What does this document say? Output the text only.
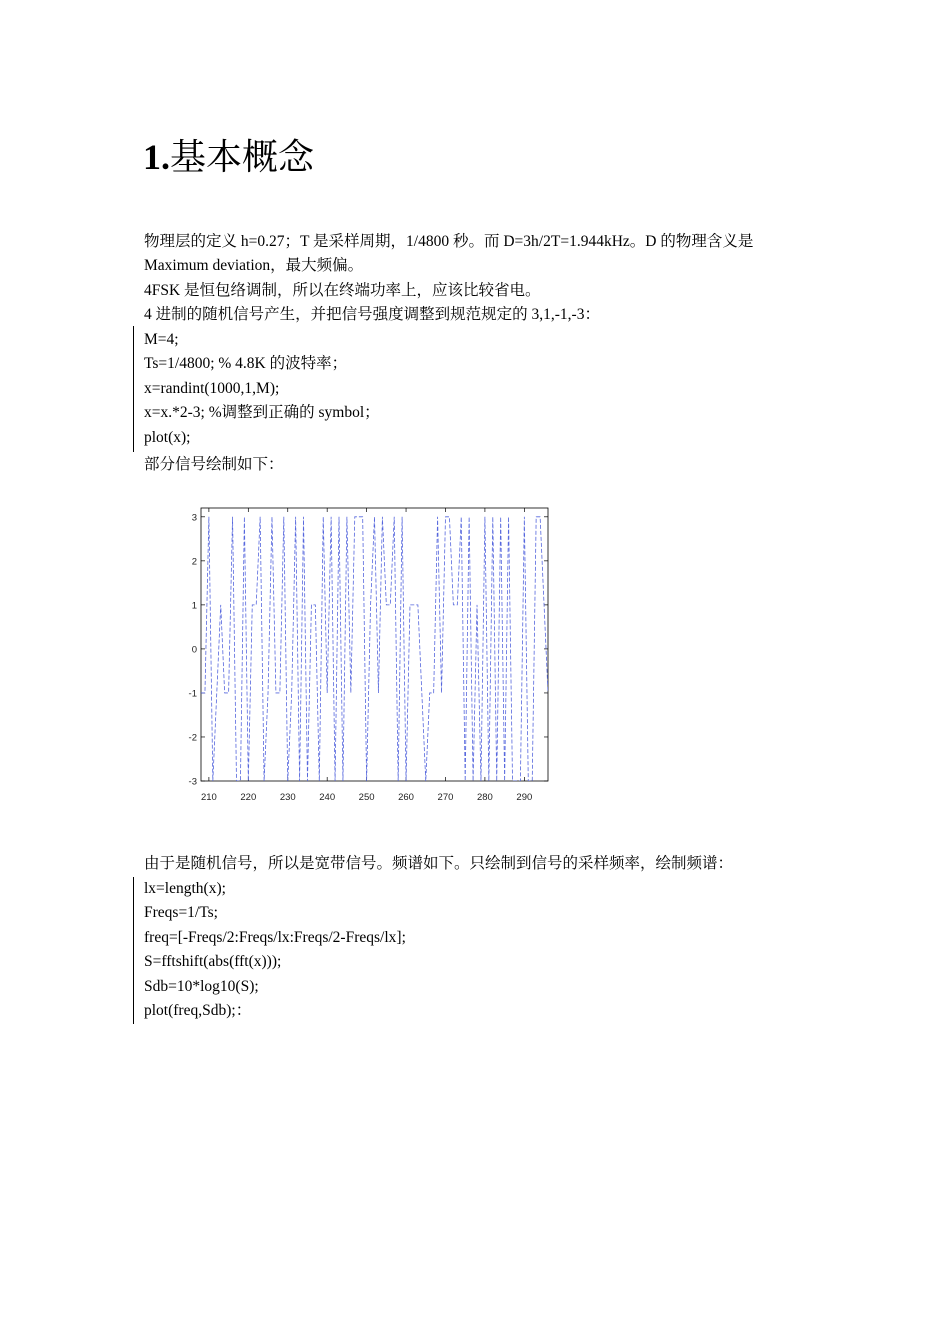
1.基本概念
物理层的定义 h=0.27；T 是采样周期，1/4800 秒。而 D=3h/2T=1.944kHz。D 的物理含义是
Maximum deviation，最大频偏。
4FSK 是恒包络调制，所以在终端功率上，应该比较省电。
4 进制的随机信号产生，并把信号强度调整到规范规定的 3,1,-1,-3：
M=4;
Ts=1/4800; % 4.8K 的波特率；
x=randint(1000,1,M);
x=x.*2-3; %调整到正确的 symbol；
plot(x);
部分信号绘制如下：
210 220 230 240 250 260 270 280 290
-3
-2
-1
0
1
2
3
由于是随机信号，所以是宽带信号。频谱如下。只绘制到信号的采样频率，绘制频谱：
lx=length(x);
Freqs=1/Ts;
freq=[-Freqs/2:Freqs/lx:Freqs/2-Freqs/lx];
S=fftshift(abs(fft(x)));
Sdb=10*log10(S);
plot(freq,Sdb);：
